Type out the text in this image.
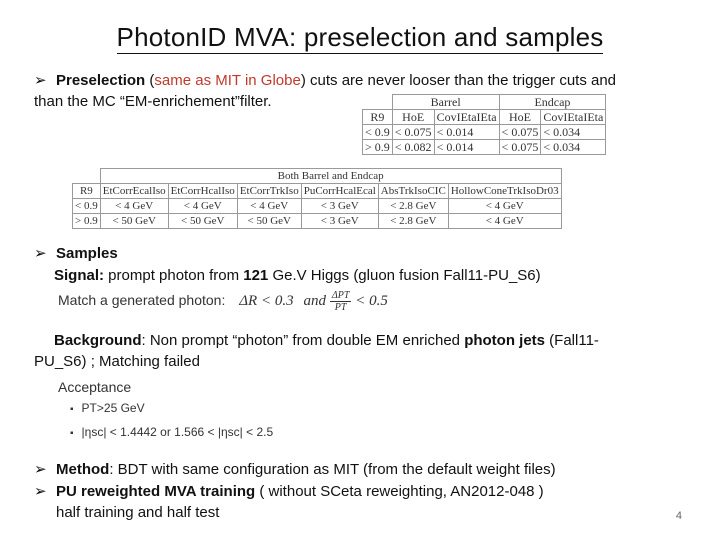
PhotonID MVA: preselection and samples
➢ Preselection (same as MIT in Globe) cuts are never looser than the trigger cuts and
than the MC “EM-enrichement”filter.
		Barrel		Endcap	
R9	HoE	CovIEtaIEta	HoE	CovIEtaIEta
< 0.9	< 0.075	< 0.014	< 0.075	< 0.034
> 0.9	< 0.082	< 0.014	< 0.075	< 0.034
	Both Barrel and Endcap					
R9	EtCorrEcalIso	EtCorrHcalIso	EtCorrTrkIso	PuCorrHcalEcal	AbsTrkIsoCIC	HollowConeTrkIsoDr03
< 0.9	< 4 GeV	< 4 GeV	< 4 GeV	< 3 GeV	< 2.8 GeV	< 4 GeV
> 0.9	< 50 GeV	< 50 GeV	< 50 GeV	< 3 GeV	< 2.8 GeV	< 4 GeV
➢ Samples
Signal: prompt photon from 121 Ge.V Higgs (gluon fusion Fall11-PU_S6)
Match a generated photon: ΔR < 0.3 and $\frac{\text{ΔPT}}{PT} < 0.5$
Background: Non prompt “photon” from double EM enriched photon jets (Fall11-
PU_S6) ; Matching failed
Acceptance
▪ PT>25 GeV
▪ |ηsc| < 1.4442 or 1.566 < |ηsc| < 2.5
➢ Method: BDT with same configuration as MIT (from the default weight files)
➢ PU reweighted MVA training ( without SCeta reweighting, AN2012-048 )
half training and half test	4
